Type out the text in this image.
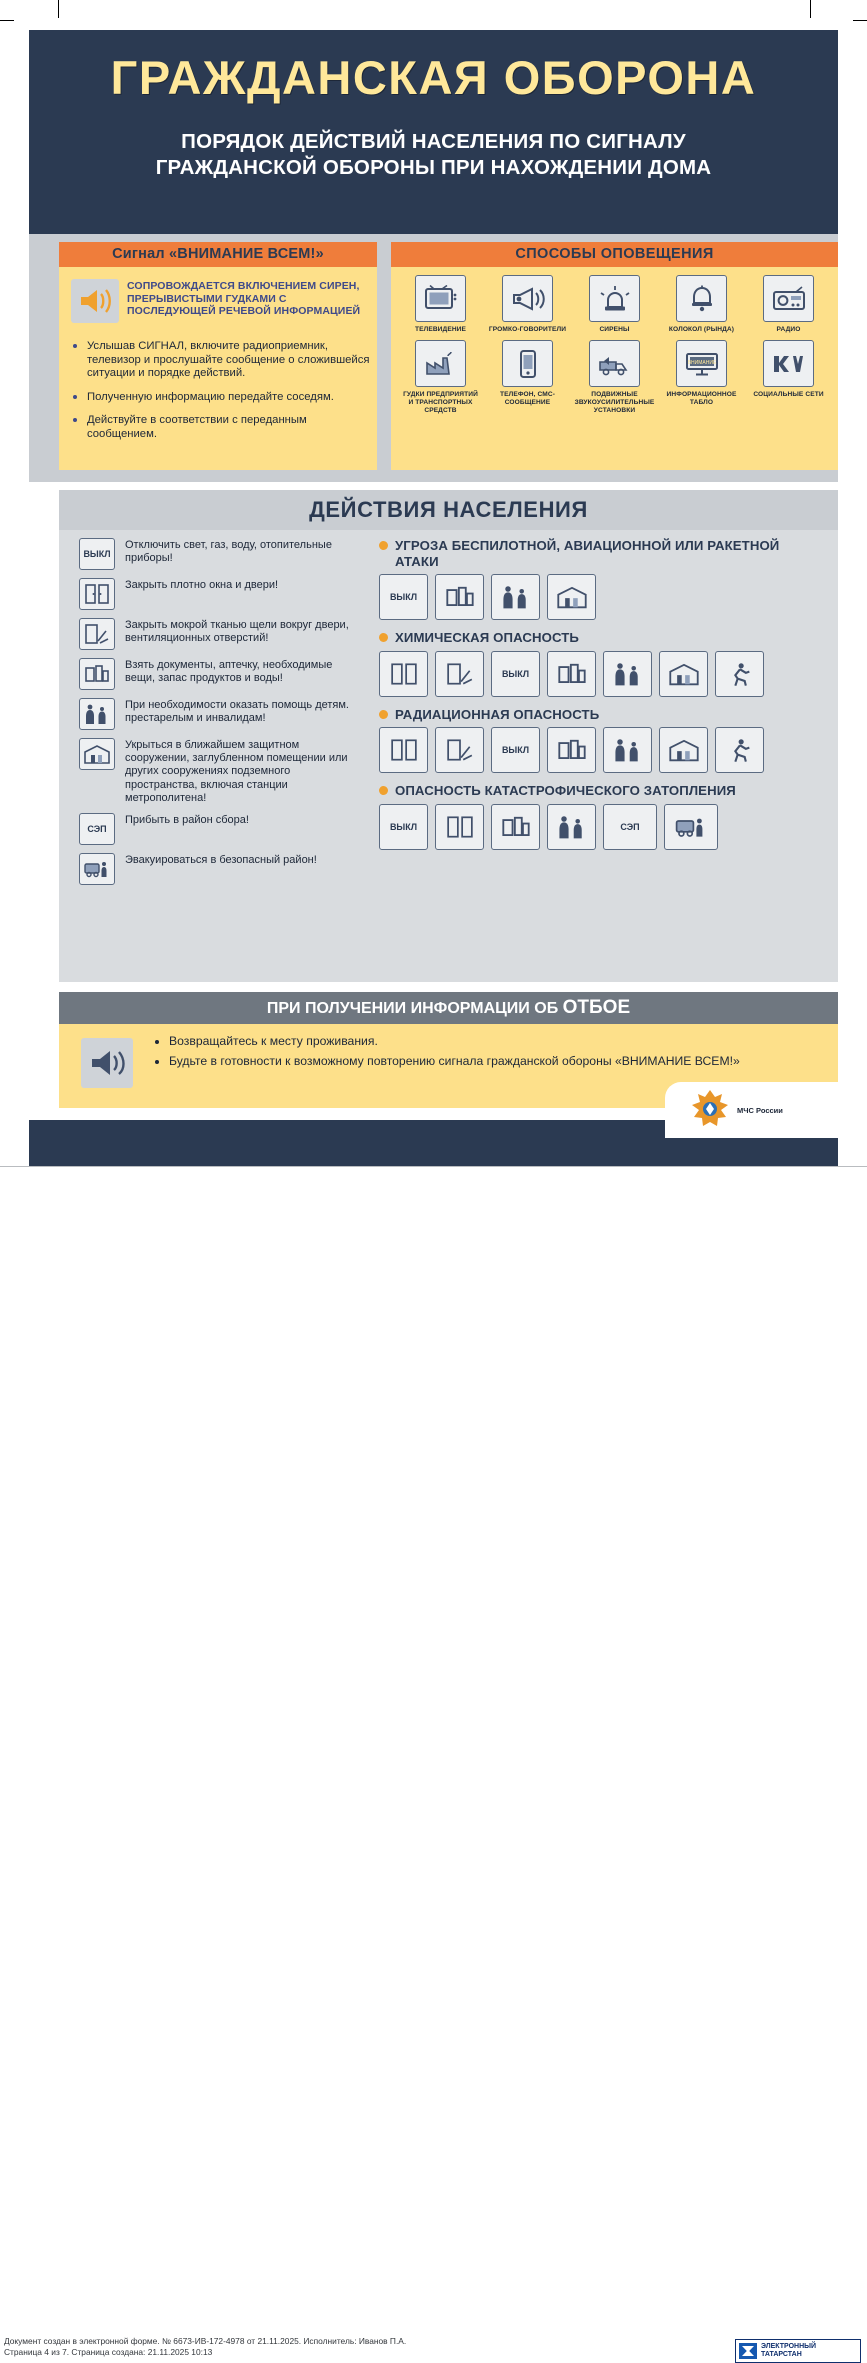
ГРАЖДАНСКАЯ ОБОРОНА
ПОРЯДОК ДЕЙСТВИЙ НАСЕЛЕНИЯ ПО СИГНАЛУ
ГРАЖДАНСКОЙ ОБОРОНЫ ПРИ НАХОЖДЕНИИ ДОМА
Сигнал «ВНИМАНИЕ ВСЕМ!»
СОПРОВОЖДАЕТСЯ ВКЛЮЧЕНИЕМ СИРЕН, ПРЕРЫВИСТЫМИ ГУДКАМИ С ПОСЛЕДУЮЩЕЙ РЕЧЕВОЙ ИНФОРМАЦИЕЙ
• Услышав СИГНАЛ, включите радиоприемник, телевизор и прослушайте сообщение о сложившейся ситуации и порядке действий.
• Полученную информацию передайте соседям.
• Действуйте в соответствии с переданным сообщением.
СПОСОБЫ ОПОВЕЩЕНИЯ
ТЕЛЕВИДЕНИЕ	ГРОМКО-ГОВОРИТЕЛИ	СИРЕНЫ	КОЛОКОЛ (РЫНДА)	РАДИО
ГУДКИ ПРЕДПРИЯТИЙ И ТРАНСПОРТНЫХ СРЕДСТВ
ТЕЛЕФОН, СМС-СООБЩЕНИЕ
ПОДВИЖНЫЕ ЗВУКОУСИЛИТЕЛЬНЫЕ УСТАНОВКИ
ВНИМАНИЕ
ИНФОРМАЦИОННОЕ ТАБЛО
СОЦИАЛЬНЫЕ СЕТИ
ДЕЙСТВИЯ НАСЕЛЕНИЯ
ВЫКЛ
Отключить свет, газ, воду, отопительные приборы!
Закрыть плотно окна и двери!
Закрыть мокрой тканью щели вокруг двери, вентиляционных отверстий!
Взять документы, аптечку, необходимые вещи, запас продуктов и воды!
При необходимости оказать помощь детям. престарелым и инвалидам!
Укрыться в ближайшем защитном сооружении, заглубленном помещении или других сооружениях подземного пространства, включая станции метрополитена!
СЭП
Прибыть в район сбора!
Эвакуироваться в безопасный район!
УГРОЗА БЕСПИЛОТНОЙ, АВИАЦИОННОЙ ИЛИ РАКЕТНОЙ АТАКИ
ВЫКЛ
ХИМИЧЕСКАЯ ОПАСНОСТЬ
ВЫКЛ
РАДИАЦИОННАЯ ОПАСНОСТЬ
ВЫКЛ
ОПАСНОСТЬ КАТАСТРОФИЧЕСКОГО ЗАТОПЛЕНИЯ
ВЫКЛ	СЭП
ПРИ ПОЛУЧЕНИИ ИНФОРМАЦИИ ОБ ОТБОЕ
• Возвращайтесь к месту проживания.
• Будьте в готовности к возможному повторению сигнала гражданской обороны «ВНИМАНИЕ ВСЕМ!»
МЧС России
Документ создан в электронной форме. № 6673-ИВ-172-4978 от 21.11.2025. Исполнитель: Иванов П.А.
Страница 4 из 7. Страница создана: 21.11.2025 10:13
ЭЛЕКТРОННЫЙ
ТАТАРСТАН
